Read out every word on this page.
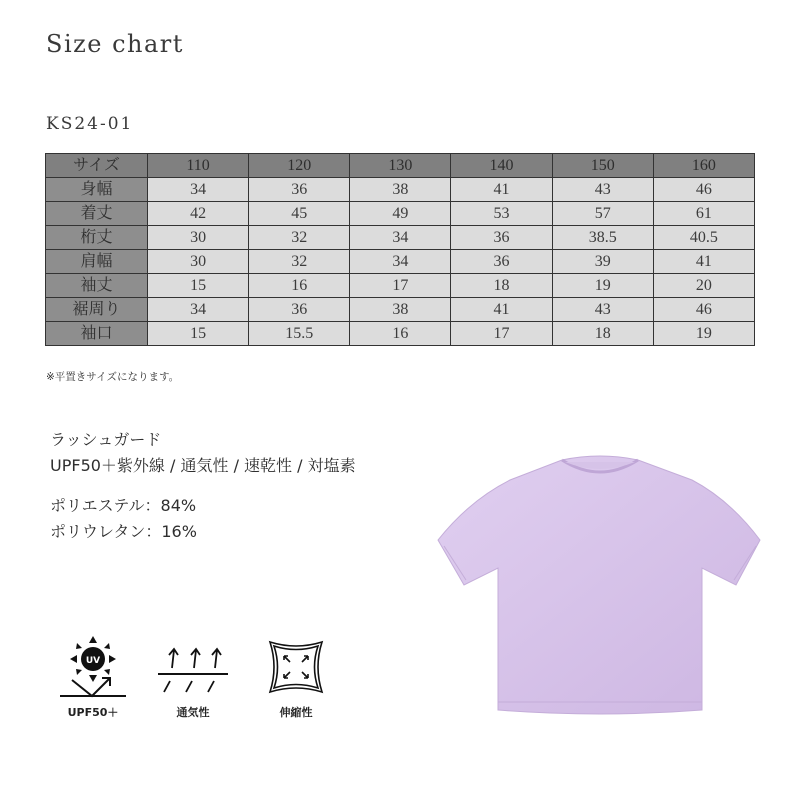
Size chart
KS24-01
サイズ	110	120	130	140	150	160
身幅	34	36	38	41	43	46
着丈	42	45	49	53	57	61
桁丈	30	32	34	36	38.5	40.5
肩幅	30	32	34	36	39	41
袖丈	15	16	17	18	19	20
裾周り	34	36	38	41	43	46
袖口	15	15.5	16	17	18	19
※平置きサイズになります。
ラッシュガード
UPF50＋紫外線 / 通気性 / 速乾性 / 対塩素
ポリエステル：84%
ポリウレタン：16%
UV
UPF50＋	通気性	伸縮性
